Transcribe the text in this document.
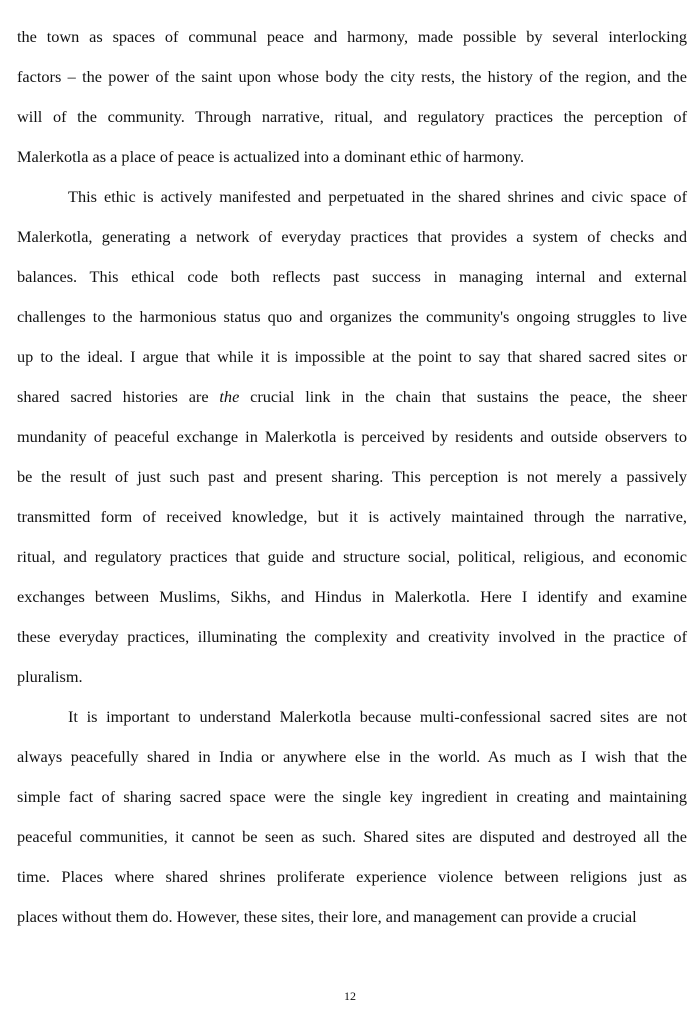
the town as spaces of communal peace and harmony, made possible by several interlocking
factors – the power of the saint upon whose body the city rests, the history of the region, and the
will of the community. Through narrative, ritual, and regulatory practices the perception of
Malerkotla as a place of peace is actualized into a dominant ethic of harmony.
This ethic is actively manifested and perpetuated in the shared shrines and civic space of
Malerkotla, generating a network of everyday practices that provides a system of checks and
balances. This ethical code both reflects past success in managing internal and external
challenges to the harmonious status quo and organizes the community's ongoing struggles to live
up to the ideal. I argue that while it is impossible at the point to say that shared sacred sites or
shared sacred histories are the crucial link in the chain that sustains the peace, the sheer
mundanity of peaceful exchange in Malerkotla is perceived by residents and outside observers to
be the result of just such past and present sharing. This perception is not merely a passively
transmitted form of received knowledge, but it is actively maintained through the narrative,
ritual, and regulatory practices that guide and structure social, political, religious, and economic
exchanges between Muslims, Sikhs, and Hindus in Malerkotla. Here I identify and examine
these everyday practices, illuminating the complexity and creativity involved in the practice of
pluralism.
It is important to understand Malerkotla because multi-confessional sacred sites are not
always peacefully shared in India or anywhere else in the world. As much as I wish that the
simple fact of sharing sacred space were the single key ingredient in creating and maintaining
peaceful communities, it cannot be seen as such. Shared sites are disputed and destroyed all the
time. Places where shared shrines proliferate experience violence between religions just as
places without them do. However, these sites, their lore, and management can provide a crucial
12
